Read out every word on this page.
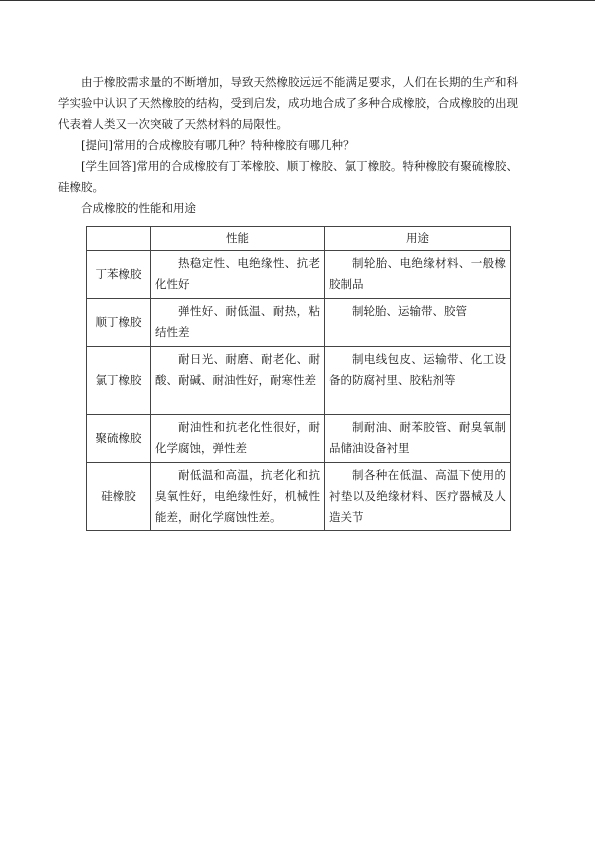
由于橡胶需求量的不断增加，导致天然橡胶远远不能满足要求，人们在长期的生产和科学实验中认识了天然橡胶的结构，受到启发，成功地合成了多种合成橡胶，合成橡胶的出现代表着人类又一次突破了天然材料的局限性。

[提问]常用的合成橡胶有哪几种？特种橡胶有哪几种？

[学生回答]常用的合成橡胶有丁苯橡胶、顺丁橡胶、氯丁橡胶。特种橡胶有聚硫橡胶、硅橡胶。

合成橡胶的性能和用途

	性能	用途
丁苯橡胶	热稳定性、电绝缘性、抗老化性好	制轮胎、电绝缘材料、一般橡胶制品
顺丁橡胶	弹性好、耐低温、耐热，粘结性差	制轮胎、运输带、胶管
氯丁橡胶	耐日光、耐磨、耐老化、耐酸、耐碱、耐油性好，耐寒性差	制电线包皮、运输带、化工设备的防腐衬里、胶粘剂等
聚硫橡胶	耐油性和抗老化性很好，耐化学腐蚀，弹性差	制耐油、耐苯胶管、耐臭氧制品储油设备衬里
硅橡胶	耐低温和高温，抗老化和抗臭氧性好，电绝缘性好，机械性能差，耐化学腐蚀性差。	制各种在低温、高温下使用的衬垫以及绝缘材料、医疗器械及人造关节
